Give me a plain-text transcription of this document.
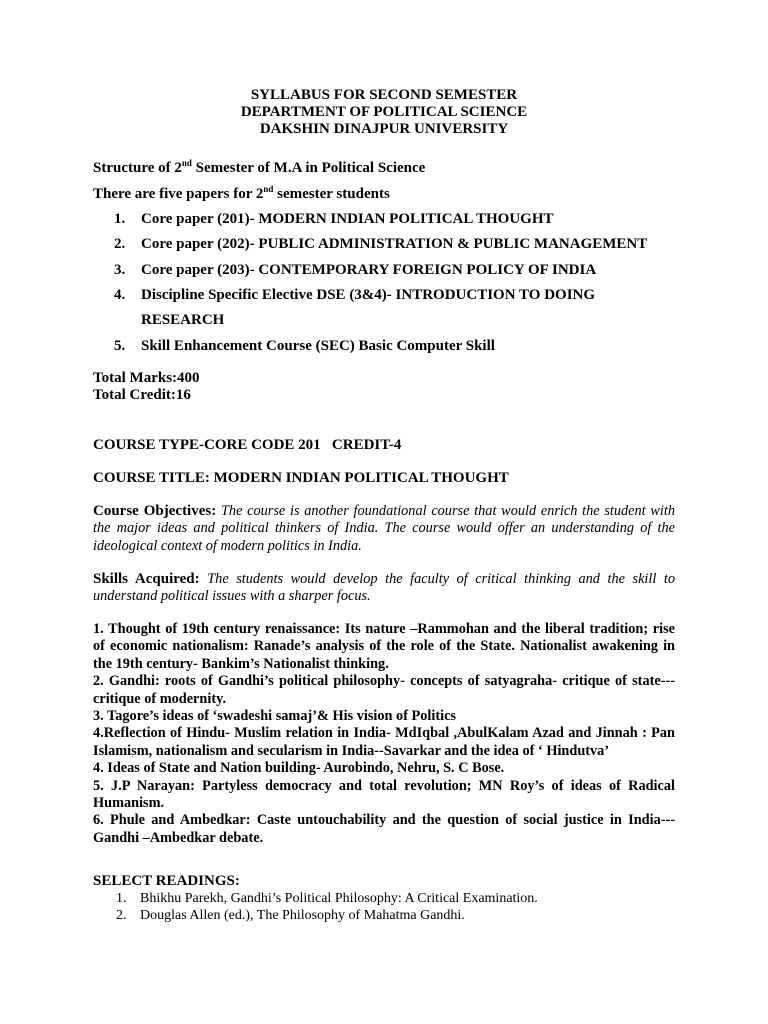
SYLLABUS FOR SECOND SEMESTER
DEPARTMENT OF POLITICAL SCIENCE
DAKSHIN DINAJPUR UNIVERSITY
Structure of 2nd Semester of M.A in Political Science
There are five papers for 2nd semester students
1. Core paper (201)- MODERN INDIAN POLITICAL THOUGHT
2. Core paper (202)- PUBLIC ADMINISTRATION & PUBLIC MANAGEMENT
3. Core paper (203)- CONTEMPORARY FOREIGN POLICY OF INDIA
4. Discipline Specific Elective DSE (3&4)- INTRODUCTION TO DOING
RESEARCH
5. Skill Enhancement Course (SEC) Basic Computer Skill
Total Marks:400
Total Credit:16
COURSE TYPE-CORE CODE 201   CREDIT-4
COURSE TITLE: MODERN INDIAN POLITICAL THOUGHT
Course Objectives: The course is another foundational course that would enrich the student with the major ideas and political thinkers of India. The course would offer an understanding of the ideological context of modern politics in India.
Skills Acquired: The students would develop the faculty of critical thinking and the skill to understand political issues with a sharper focus.
1. Thought of 19th century renaissance: Its nature –Rammohan and the liberal tradition; rise of economic nationalism: Ranade’s analysis of the role of the State. Nationalist awakening in the 19th century- Bankim’s Nationalist thinking.
2. Gandhi: roots of Gandhi’s political philosophy- concepts of satyagraha- critique of state---critique of modernity.
3. Tagore’s ideas of ‘swadeshi samaj’& His vision of Politics
4.Reflection of Hindu- Muslim relation in India- MdIqbal ,AbulKalam Azad and Jinnah : Pan Islamism, nationalism and secularism in India--Savarkar and the idea of ‘ Hindutva’
4. Ideas of State and Nation building- Aurobindo, Nehru, S. C Bose.
5. J.P Narayan: Partyless democracy and total revolution; MN Roy’s of ideas of Radical Humanism.
6. Phule and Ambedkar: Caste untouchability and the question of social justice in India---Gandhi –Ambedkar debate.
SELECT READINGS:
1. Bhikhu Parekh, Gandhi’s Political Philosophy: A Critical Examination.
2. Douglas Allen (ed.), The Philosophy of Mahatma Gandhi.
